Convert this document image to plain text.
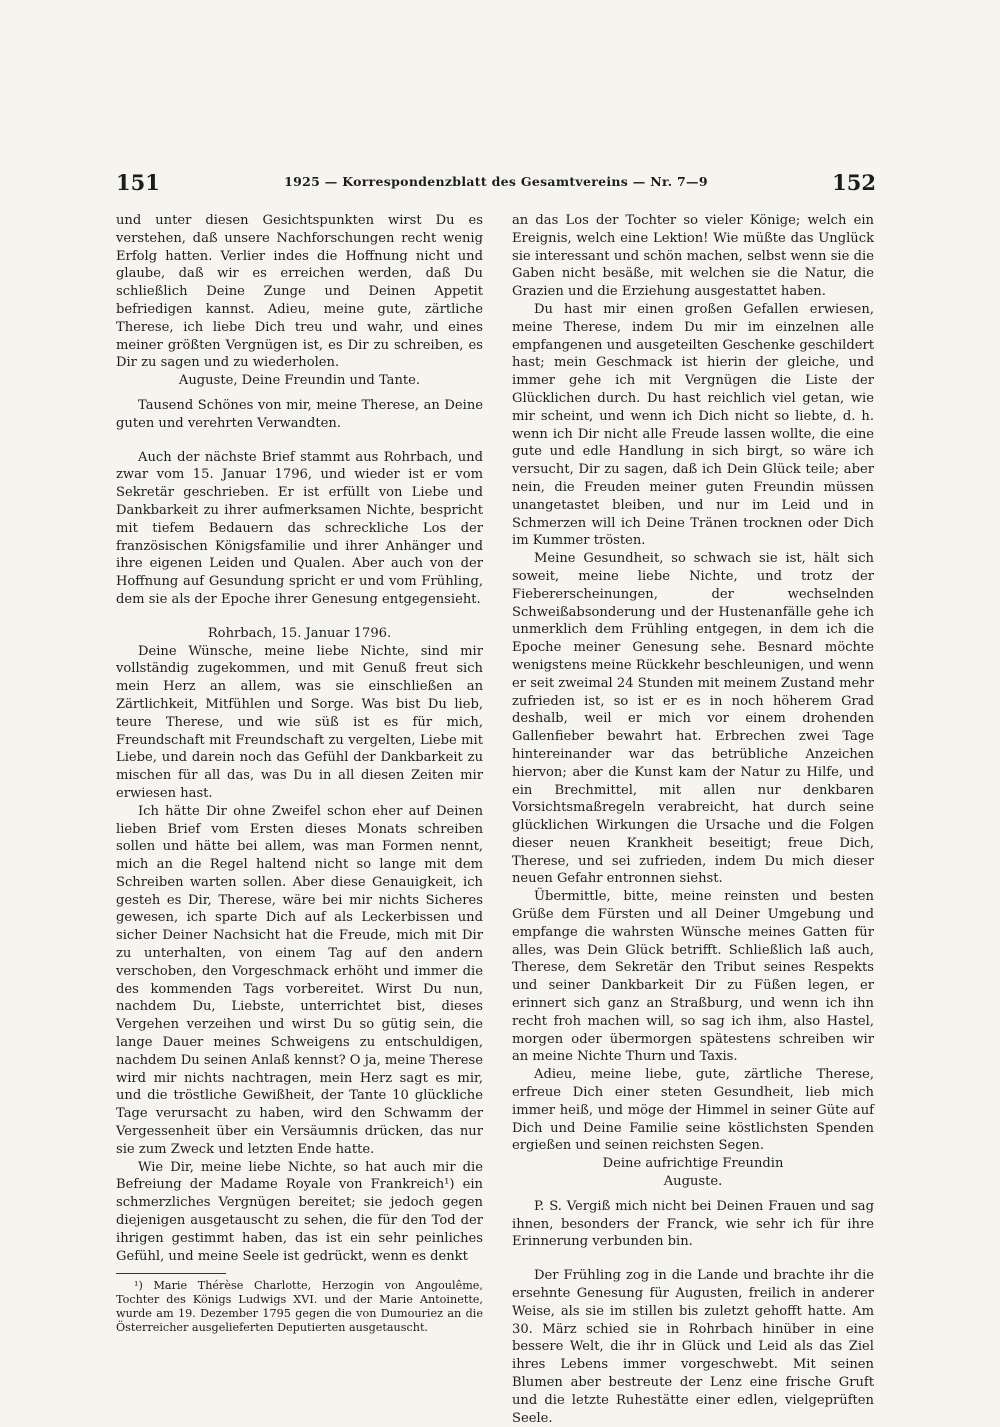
151	1925 — Korrespondenzblatt des Gesamtvereins — Nr. 7—9	152

und unter diesen Gesichtspunkten wirst Du es verstehen, daß unsere Nachforschungen recht wenig Erfolg hatten. Verlier indes die Hoffnung nicht und glaube, daß wir es erreichen werden, daß Du schließlich Deine Zunge und Deinen Appetit befriedigen kannst. Adieu, meine gute, zärtliche Therese, ich liebe Dich treu und wahr, und eines meiner größten Vergnügen ist, es Dir zu schreiben, es Dir zu sagen und zu wiederholen.

Auguste, Deine Freundin und Tante.

Tausend Schönes von mir, meine Therese, an Deine guten und verehrten Verwandten.

Auch der nächste Brief stammt aus Rohrbach, und zwar vom 15. Januar 1796, und wieder ist er vom Sekretär geschrieben. Er ist erfüllt von Liebe und Dankbarkeit zu ihrer aufmerksamen Nichte, bespricht mit tiefem Bedauern das schreckliche Los der französischen Königsfamilie und ihrer Anhänger und ihre eigenen Leiden und Qualen. Aber auch von der Hoffnung auf Gesundung spricht er und vom Frühling, dem sie als der Epoche ihrer Genesung entgegensieht.

Rohrbach, 15. Januar 1796.

Deine Wünsche, meine liebe Nichte, sind mir vollständig zugekommen, und mit Genuß freut sich mein Herz an allem, was sie einschließen an Zärtlichkeit, Mitfühlen und Sorge. Was bist Du lieb, teure Therese, und wie süß ist es für mich, Freundschaft mit Freundschaft zu vergelten, Liebe mit Liebe, und darein noch das Gefühl der Dankbarkeit zu mischen für all das, was Du in all diesen Zeiten mir erwiesen hast.

Ich hätte Dir ohne Zweifel schon eher auf Deinen lieben Brief vom Ersten dieses Monats schreiben sollen und hätte bei allem, was man Formen nennt, mich an die Regel haltend nicht so lange mit dem Schreiben warten sollen. Aber diese Genauigkeit, ich gesteh es Dir, Therese, wäre bei mir nichts Sicheres gewesen, ich sparte Dich auf als Leckerbissen und sicher Deiner Nachsicht hat die Freude, mich mit Dir zu unterhalten, von einem Tag auf den andern verschoben, den Vorgeschmack erhöht und immer die des kommenden Tags vorbereitet. Wirst Du nun, nachdem Du, Liebste, unterrichtet bist, dieses Vergehen verzeihen und wirst Du so gütig sein, die lange Dauer meines Schweigens zu entschuldigen, nachdem Du seinen Anlaß kennst? O ja, meine Therese wird mir nichts nachtragen, mein Herz sagt es mir, und die tröstliche Gewißheit, der Tante 10 glückliche Tage verursacht zu haben, wird den Schwamm der Vergessenheit über ein Versäumnis drücken, das nur sie zum Zweck und letzten Ende hatte.

Wie Dir, meine liebe Nichte, so hat auch mir die Befreiung der Madame Royale von Frankreich¹) ein schmerzliches Vergnügen bereitet; sie jedoch gegen diejenigen ausgetauscht zu sehen, die für den Tod der ihrigen gestimmt haben, das ist ein sehr peinliches Gefühl, und meine Seele ist gedrückt, wenn es denkt

¹) Marie Thérèse Charlotte, Herzogin von Angoulême, Tochter des Königs Ludwigs XVI. und der Marie Antoinette, wurde am 19. Dezember 1795 gegen die von Dumouriez an die Österreicher ausgelieferten Deputierten ausgetauscht.

an das Los der Tochter so vieler Könige; welch ein Ereignis, welch eine Lektion! Wie müßte das Unglück sie interessant und schön machen, selbst wenn sie die Gaben nicht besäße, mit welchen sie die Natur, die Grazien und die Erziehung ausgestattet haben.

Du hast mir einen großen Gefallen erwiesen, meine Therese, indem Du mir im einzelnen alle empfangenen und ausgeteilten Geschenke geschildert hast; mein Geschmack ist hierin der gleiche, und immer gehe ich mit Vergnügen die Liste der Glücklichen durch. Du hast reichlich viel getan, wie mir scheint, und wenn ich Dich nicht so liebte, d. h. wenn ich Dir nicht alle Freude lassen wollte, die eine gute und edle Handlung in sich birgt, so wäre ich versucht, Dir zu sagen, daß ich Dein Glück teile; aber nein, die Freuden meiner guten Freundin müssen unangetastet bleiben, und nur im Leid und in Schmerzen will ich Deine Tränen trocknen oder Dich im Kummer trösten.

Meine Gesundheit, so schwach sie ist, hält sich soweit, meine liebe Nichte, und trotz der Fiebererscheinungen, der wechselnden Schweißabsonderung und der Hustenanfälle gehe ich unmerklich dem Frühling entgegen, in dem ich die Epoche meiner Genesung sehe. Besnard möchte wenigstens meine Rückkehr beschleunigen, und wenn er seit zweimal 24 Stunden mit meinem Zustand mehr zufrieden ist, so ist er es in noch höherem Grad deshalb, weil er mich vor einem drohenden Gallenfieber bewahrt hat. Erbrechen zwei Tage hintereinander war das betrübliche Anzeichen hiervon; aber die Kunst kam der Natur zu Hilfe, und ein Brechmittel, mit allen nur denkbaren Vorsichtsmaßregeln verabreicht, hat durch seine glücklichen Wirkungen die Ursache und die Folgen dieser neuen Krankheit beseitigt; freue Dich, Therese, und sei zufrieden, indem Du mich dieser neuen Gefahr entronnen siehst.

Übermittle, bitte, meine reinsten und besten Grüße dem Fürsten und all Deiner Umgebung und empfange die wahrsten Wünsche meines Gatten für alles, was Dein Glück betrifft. Schließlich laß auch, Therese, dem Sekretär den Tribut seines Respekts und seiner Dankbarkeit Dir zu Füßen legen, er erinnert sich ganz an Straßburg, und wenn ich ihn recht froh machen will, so sag ich ihm, also Hastel, morgen oder übermorgen spätestens schreiben wir an meine Nichte Thurn und Taxis.

Adieu, meine liebe, gute, zärtliche Therese, erfreue Dich einer steten Gesundheit, lieb mich immer heiß, und möge der Himmel in seiner Güte auf Dich und Deine Familie seine köstlichsten Spenden ergießen und seinen reichsten Segen.

Deine aufrichtige Freundin

Auguste.

P. S. Vergiß mich nicht bei Deinen Frauen und sag ihnen, besonders der Franck, wie sehr ich für ihre Erinnerung verbunden bin.

Der Frühling zog in die Lande und brachte ihr die ersehnte Genesung für Augusten, freilich in anderer Weise, als sie im stillen bis zuletzt gehofft hatte. Am 30. März schied sie in Rohrbach hinüber in eine bessere Welt, die ihr in Glück und Leid als das Ziel ihres Lebens immer vorgeschwebt. Mit seinen Blumen aber bestreute der Lenz eine frische Gruft und die letzte Ruhestätte einer edlen, vielgeprüften Seele.
